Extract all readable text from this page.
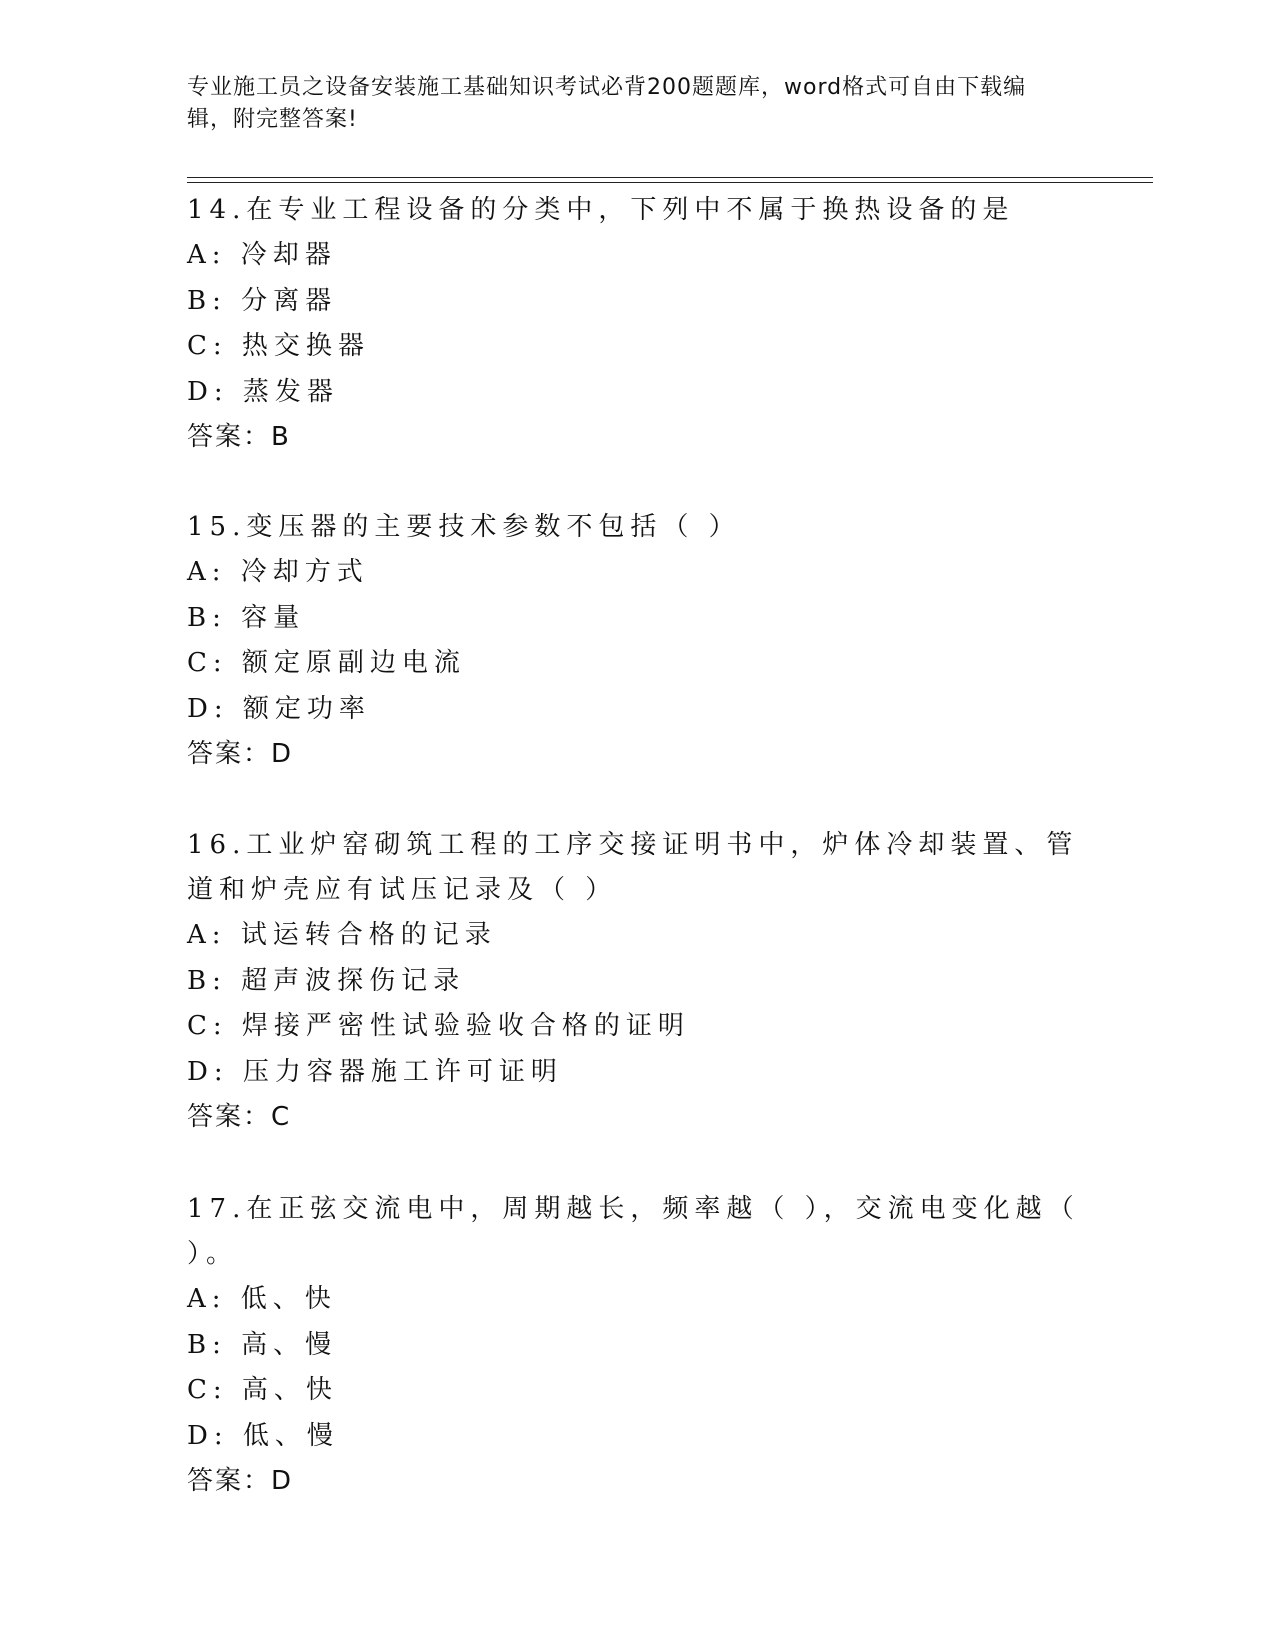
专业施工员之设备安装施工基础知识考试必背200题题库，word格式可自由下载编辑，附完整答案!

14.在专业工程设备的分类中，下列中不属于换热设备的是

A: 冷却器

B: 分离器

C: 热交换器

D: 蒸发器

答案：B

15.变压器的主要技术参数不包括（ ）

A: 冷却方式

B: 容量

C: 额定原副边电流

D: 额定功率

答案：D

16.工业炉窑砌筑工程的工序交接证明书中，炉体冷却装置、管道和炉壳应有试压记录及（ ）

A: 试运转合格的记录

B: 超声波探伤记录

C: 焊接严密性试验验收合格的证明

D: 压力容器施工许可证明

答案：C

17.在正弦交流电中，周期越长，频率越（ ），交流电变化越（ ）。

A: 低、快

B: 高、慢

C: 高、快

D: 低、慢

答案：D
